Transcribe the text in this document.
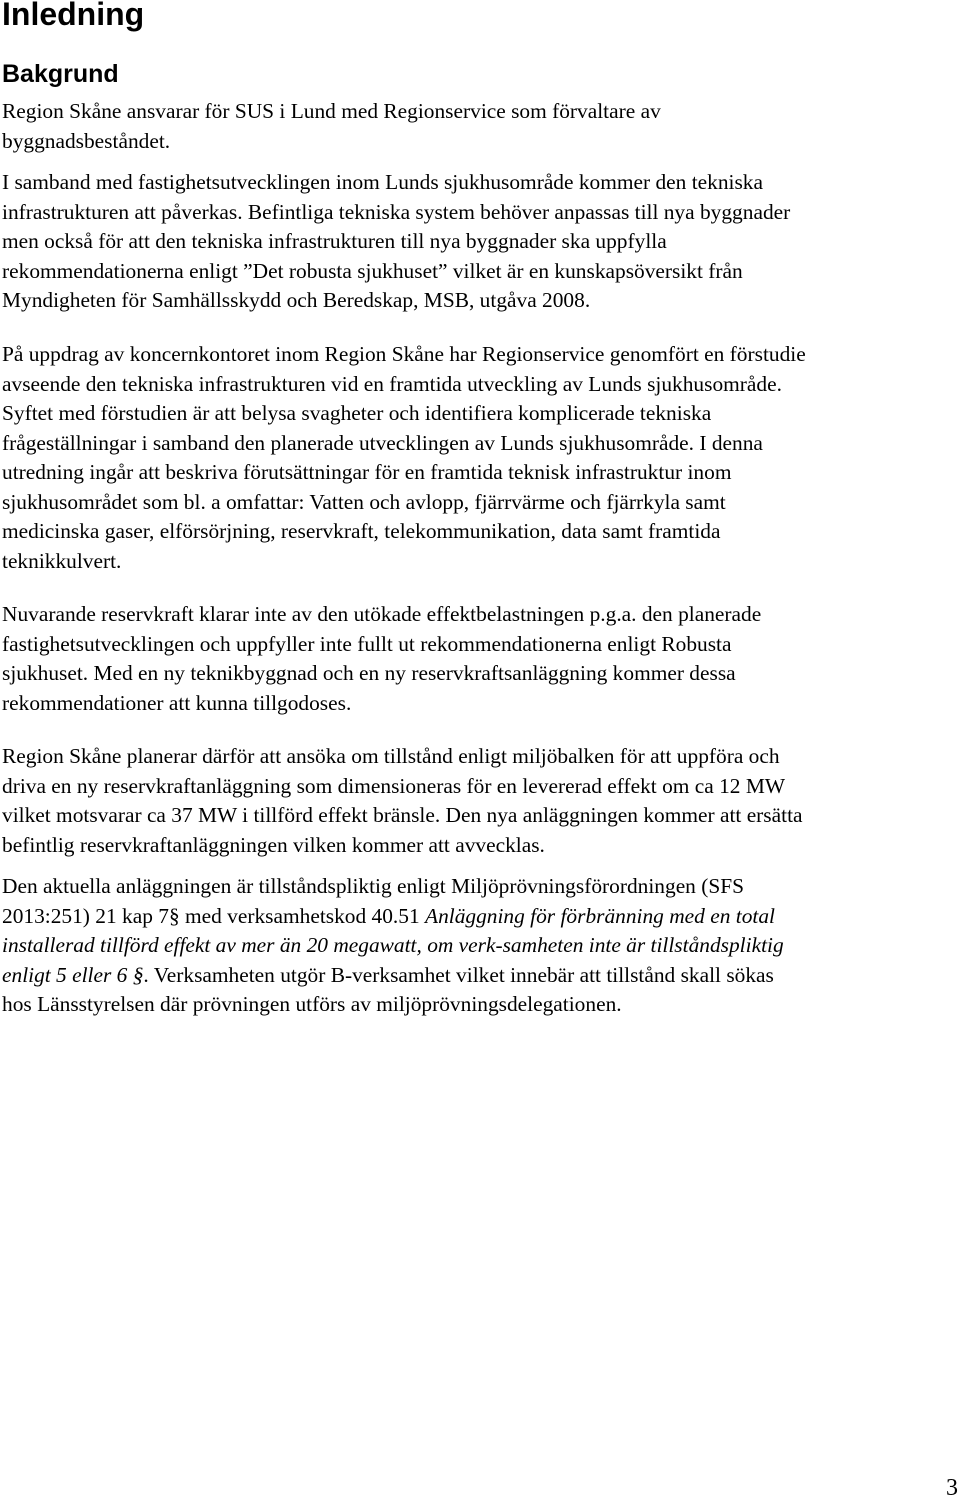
Inledning
Bakgrund

Region Skåne ansvarar för SUS i Lund med Regionservice som förvaltare av
byggnadsbeståndet.

I samband med fastighetsutvecklingen inom Lunds sjukhusområde kommer den tekniska
infrastrukturen att påverkas. Befintliga tekniska system behöver anpassas till nya byggnader
men också för att den tekniska infrastrukturen till nya byggnader ska uppfylla
rekommendationerna enligt ”Det robusta sjukhuset” vilket är en kunskapsöversikt från
Myndigheten för Samhällsskydd och Beredskap, MSB, utgåva 2008.

På uppdrag av koncernkontoret inom Region Skåne har Regionservice genomfört en förstudie
avseende den tekniska infrastrukturen vid en framtida utveckling av Lunds sjukhusområde.
Syftet med förstudien är att belysa svagheter och identifiera komplicerade tekniska
frågeställningar i samband den planerade utvecklingen av Lunds sjukhusområde. I denna
utredning ingår att beskriva förutsättningar för en framtida teknisk infrastruktur inom
sjukhusområdet som bl. a omfattar: Vatten och avlopp, fjärrvärme och fjärrkyla samt
medicinska gaser, elförsörjning, reservkraft, telekommunikation, data samt framtida
teknikkulvert.

Nuvarande reservkraft klarar inte av den utökade effektbelastningen p.g.a. den planerade
fastighetsutvecklingen och uppfyller inte fullt ut rekommendationerna enligt Robusta
sjukhuset. Med en ny teknikbyggnad och en ny reservkraftsanläggning kommer dessa
rekommendationer att kunna tillgodoses.

Region Skåne planerar därför att ansöka om tillstånd enligt miljöbalken för att uppföra och
driva en ny reservkraftanläggning som dimensioneras för en levererad effekt om ca 12 MW
vilket motsvarar ca 37 MW i tillförd effekt bränsle. Den nya anläggningen kommer att ersätta
befintlig reservkraftanläggningen vilken kommer att avvecklas.

Den aktuella anläggningen är tillståndspliktig enligt Miljöprövningsförordningen (SFS
2013:251) 21 kap 7§ med verksamhetskod 40.51 Anläggning för förbränning med en total
installerad tillförd effekt av mer än 20 megawatt, om verk-samheten inte är tillståndspliktig
enligt 5 eller 6 §. Verksamheten utgör B-verksamhet vilket innebär att tillstånd skall sökas
hos Länsstyrelsen där prövningen utförs av miljöprövningsdelegationen.

3
